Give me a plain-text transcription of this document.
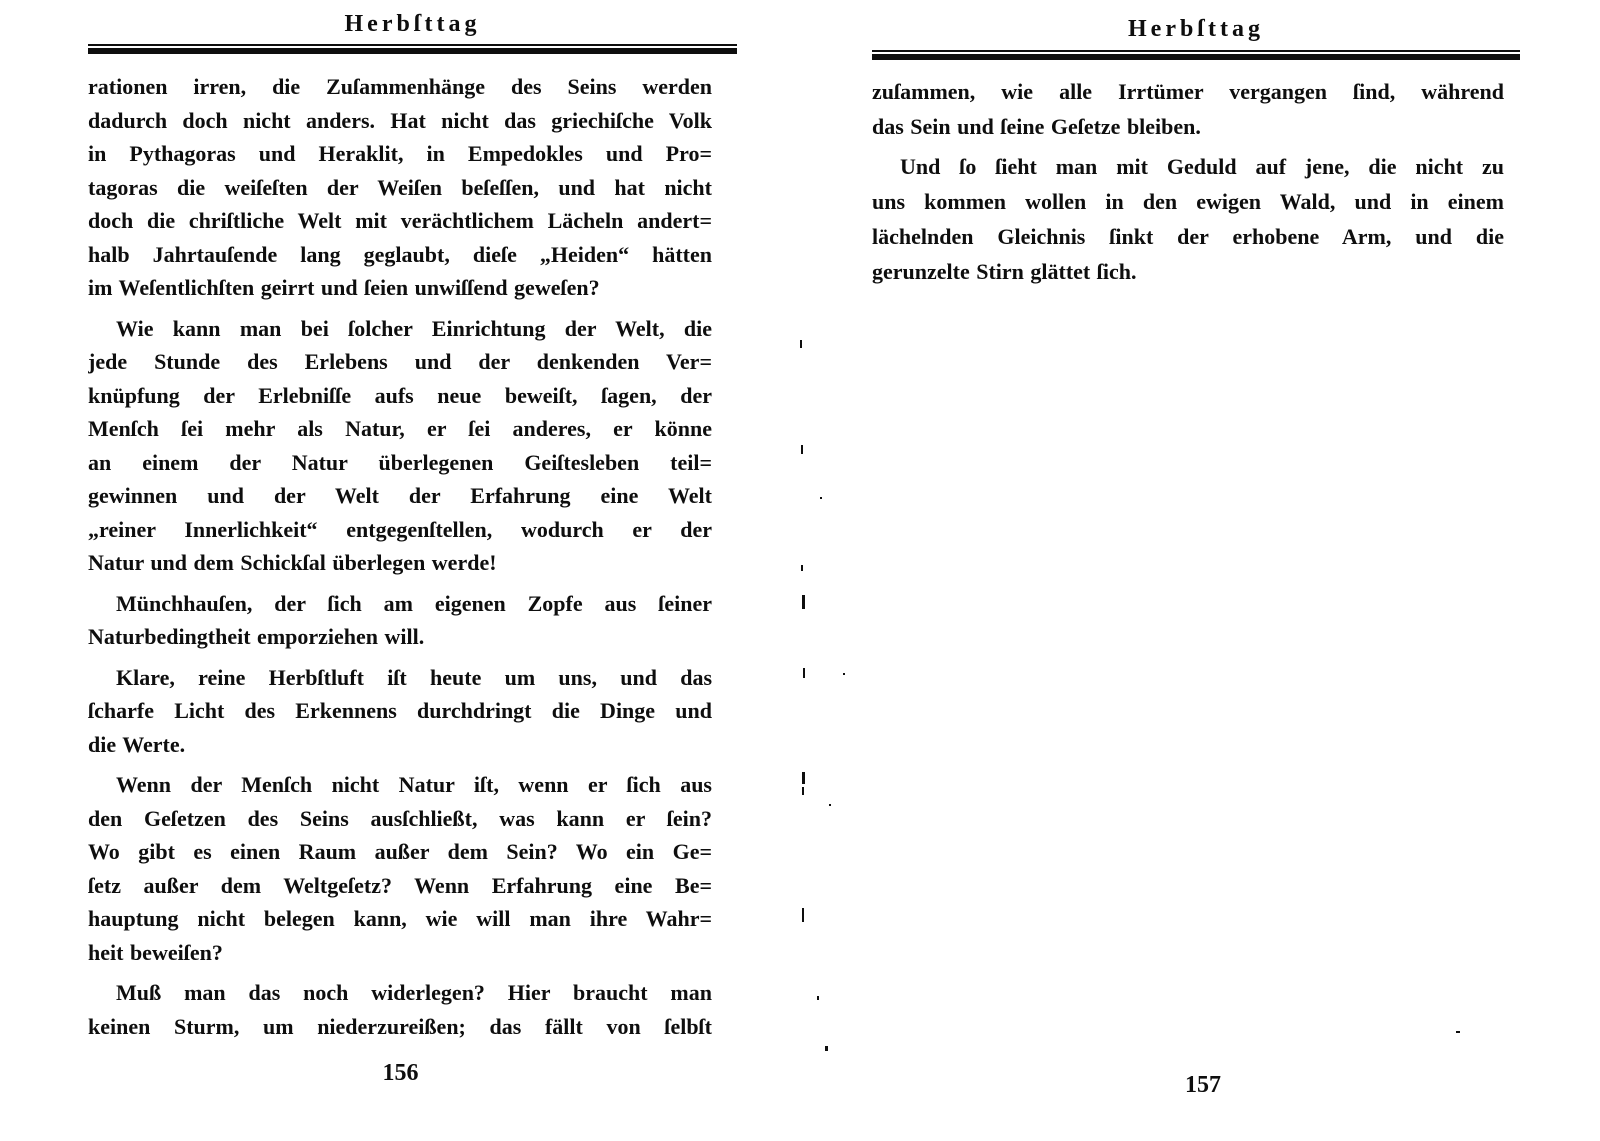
Herbſttag
rationen irren, die Zuſammenhänge des Seins werden
dadurch doch nicht anders. Hat nicht das griechiſche Volk
in Pythagoras und Heraklit, in Empedokles und Pro=
tagoras die weiſeſten der Weiſen beſeſſen, und hat nicht
doch die chriſtliche Welt mit verächtlichem Lächeln andert=
halb Jahrtauſende lang geglaubt, dieſe „Heiden“ hätten
im Weſentlichſten geirrt und ſeien unwiſſend geweſen?
Wie kann man bei ſolcher Einrichtung der Welt, die
jede Stunde des Erlebens und der denkenden Ver=
knüpfung der Erlebniſſe aufs neue beweiſt, ſagen, der
Menſch ſei mehr als Natur, er ſei anderes, er könne
an einem der Natur überlegenen Geiſtesleben teil=
gewinnen und der Welt der Erfahrung eine Welt
„reiner Innerlichkeit“ entgegenſtellen, wodurch er der
Natur und dem Schickſal überlegen werde!
Münchhauſen, der ſich am eigenen Zopfe aus ſeiner
Naturbedingtheit emporziehen will.
Klare, reine Herbſtluft iſt heute um uns, und das
ſcharfe Licht des Erkennens durchdringt die Dinge und
die Werte.
Wenn der Menſch nicht Natur iſt, wenn er ſich aus
den Geſetzen des Seins ausſchließt, was kann er ſein?
Wo gibt es einen Raum außer dem Sein? Wo ein Ge=
ſetz außer dem Weltgeſetz? Wenn Erfahrung eine Be=
hauptung nicht belegen kann, wie will man ihre Wahr=
heit beweiſen?
Muß man das noch widerlegen? Hier braucht man
keinen Sturm, um niederzureißen; das fällt von ſelbſt
156
Herbſttag
zuſammen, wie alle Irrtümer vergangen ſind, während
das Sein und ſeine Geſetze bleiben.
Und ſo ſieht man mit Geduld auf jene, die nicht zu
uns kommen wollen in den ewigen Wald, und in einem
lächelnden Gleichnis ſinkt der erhobene Arm, und die
gerunzelte Stirn glättet ſich.
157
